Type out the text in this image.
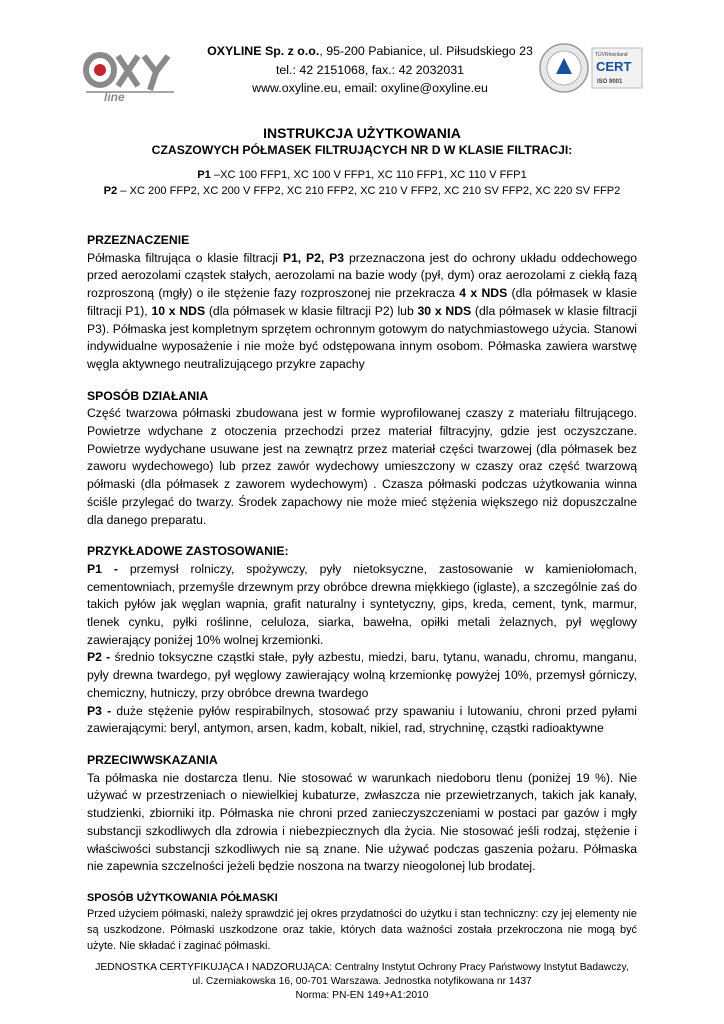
line
OXYLINE Sp. z o.o., 95-200 Pabianice, ul. Piłsudskiego 23
tel.: 42 2151068, fax.: 42 2032031
www.oxyline.eu, email: oxyline@oxyline.eu
TÜVRheinland
CERT
ISO 9001
INSTRUKCJA UŻYTKOWANIA
CZASZOWYCH PÓŁMASEK FILTRUJĄCYCH NR D W KLASIE FILTRACJI:
P1 –XC 100 FFP1, XC 100 V FFP1, XC 110 FFP1, XC 110 V FFP1
P2 – XC 200 FFP2, XC 200 V FFP2, XC 210 FFP2, XC 210 V FFP2, XC 210 SV FFP2, XC 220 SV FFP2
PRZEZNACZENIE
Półmaska filtrująca o klasie filtracji P1, P2, P3 przeznaczona jest do ochrony układu oddechowego przed aerozolami cząstek stałych, aerozolami na bazie wody (pył, dym) oraz aerozolami z ciekłą fazą rozproszoną (mgły) o ile stężenie fazy rozproszonej nie przekracza 4 x NDS (dla półmasek w klasie filtracji P1), 10 x NDS (dla półmasek w klasie filtracji P2) lub 30 x NDS (dla półmasek w klasie filtracji P3). Półmaska jest kompletnym sprzętem ochronnym gotowym do natychmiastowego użycia. Stanowi indywidualne wyposażenie i nie może być odstępowana innym osobom. Półmaska zawiera warstwę węgla aktywnego neutralizującego przykre zapachy
SPOSÓB DZIAŁANIA
Część twarzowa półmaski zbudowana jest w formie wyprofilowanej czaszy z materiału filtrującego. Powietrze wdychane z otoczenia przechodzi przez materiał filtracyjny, gdzie jest oczyszczane. Powietrze wydychane usuwane jest na zewnątrz przez materiał części twarzowej (dla półmasek bez zaworu wydechowego) lub przez zawór wydechowy umieszczony w czaszy oraz część twarzową półmaski (dla półmasek z zaworem wydechowym) . Czasza półmaski podczas użytkowania winna ściśle przylegać do twarzy. Środek zapachowy nie może mieć stężenia większego niż dopuszczalne dla danego preparatu.
PRZYKŁADOWE ZASTOSOWANIE:
P1 - przemysł rolniczy, spożywczy, pyły nietoksyczne, zastosowanie w kamieniołomach, cementowniach, przemyśle drzewnym przy obróbce drewna miękkiego (iglaste), a szczególnie zaś do takich pyłów jak węglan wapnia, grafit naturalny i syntetyczny, gips, kreda, cement, tynk, marmur, tlenek cynku, pyłki roślinne, celuloza, siarka, bawełna, opiłki metali żelaznych, pył węglowy zawierający poniżej 10% wolnej krzemionki.
P2 - średnio toksyczne cząstki stałe, pyły azbestu, miedzi, baru, tytanu, wanadu, chromu, manganu, pyły drewna twardego, pył węglowy zawierający wolną krzemionkę powyżej 10%, przemysł górniczy, chemiczny, hutniczy, przy obróbce drewna twardego
P3 - duże stężenie pyłów respirabilnych, stosować przy spawaniu i lutowaniu, chroni przed pyłami zawierającymi: beryl, antymon, arsen, kadm, kobalt, nikiel, rad, strychninę, cząstki radioaktywne
PRZECIWWSKAZANIA
Ta półmaska nie dostarcza tlenu. Nie stosować w warunkach niedoboru tlenu (poniżej 19 %). Nie używać w przestrzeniach o niewielkiej kubaturze, zwłaszcza nie przewietrzanych, takich jak kanały, studzienki, zbiorniki itp. Półmaska nie chroni przed zanieczyszczeniami w postaci par gazów i mgły substancji szkodliwych dla zdrowia i niebezpiecznych dla życia. Nie stosować jeśli rodzaj, stężenie i właściwości substancji szkodliwych nie są znane. Nie używać podczas gaszenia pożaru. Półmaska nie zapewnia szczelności jeżeli będzie noszona na twarzy nieogolonej lub brodatej.
SPOSÓB UŻYTKOWANIA PÓŁMASKI
Przed użyciem półmaski, należy sprawdzić jej okres przydatności do użytku i stan techniczny: czy jej elementy nie są uszkodzone. Półmaski uszkodzone oraz takie, których data ważności została przekroczona nie mogą być użyte. Nie składać i zaginać półmaski.
JEDNOSTKA CERTYFIKUJĄCA I NADZORUJĄCA: Centralny Instytut Ochrony Pracy Państwowy Instytut Badawczy,
ul. Czerniakowska 16, 00-701 Warszawa. Jednostka notyfikowana nr 1437
Norma: PN-EN 149+A1:2010
